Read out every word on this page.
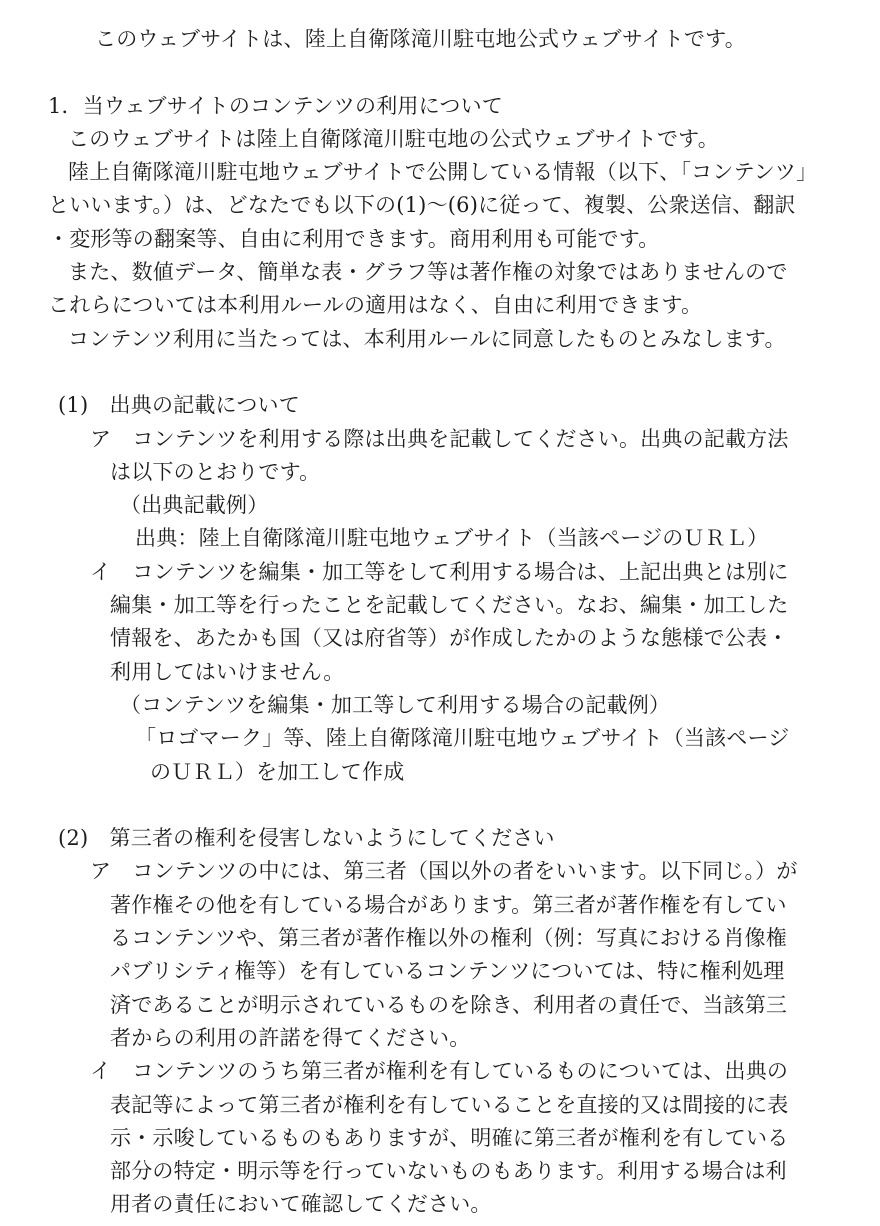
このウェブサイトは、陸上自衛隊滝川駐屯地公式ウェブサイトです。
1．当ウェブサイトのコンテンツの利用について
このウェブサイトは陸上自衛隊滝川駐屯地の公式ウェブサイトです。
陸上自衛隊滝川駐屯地ウェブサイトで公開している情報（以下、「コンテンツ」
といいます。）は、どなたでも以下の(1)～(6)に従って、複製、公衆送信、翻訳
・変形等の翻案等、自由に利用できます。商用利用も可能です。
また、数値データ、簡単な表・グラフ等は著作権の対象ではありませんので
これらについては本利用ルールの適用はなく、自由に利用できます。
コンテンツ利用に当たっては、本利用ルールに同意したものとみなします。
(1)　出典の記載について
ア　コンテンツを利用する際は出典を記載してください。出典の記載方法
は以下のとおりです。
（出典記載例）
出典：陸上自衛隊滝川駐屯地ウェブサイト（当該ページのＵＲＬ）
イ　コンテンツを編集・加工等をして利用する場合は、上記出典とは別に
編集・加工等を行ったことを記載してください。なお、編集・加工した
情報を、あたかも国（又は府省等）が作成したかのような態様で公表・
利用してはいけません。
（コンテンツを編集・加工等して利用する場合の記載例）
「ロゴマーク」等、陸上自衛隊滝川駐屯地ウェブサイト（当該ページ
のＵＲＬ）を加工して作成
(2)　第三者の権利を侵害しないようにしてください
ア　コンテンツの中には、第三者（国以外の者をいいます。以下同じ。）が
著作権その他を有している場合があります。第三者が著作権を有してい
るコンテンツや、第三者が著作権以外の権利（例：写真における肖像権
パブリシティ権等）を有しているコンテンツについては、特に権利処理
済であることが明示されているものを除き、利用者の責任で、当該第三
者からの利用の許諾を得てください。
イ　コンテンツのうち第三者が権利を有しているものについては、出典の
表記等によって第三者が権利を有していることを直接的又は間接的に表
示・示唆しているものもありますが、明確に第三者が権利を有している
部分の特定・明示等を行っていないものもあります。利用する場合は利
用者の責任において確認してください。
